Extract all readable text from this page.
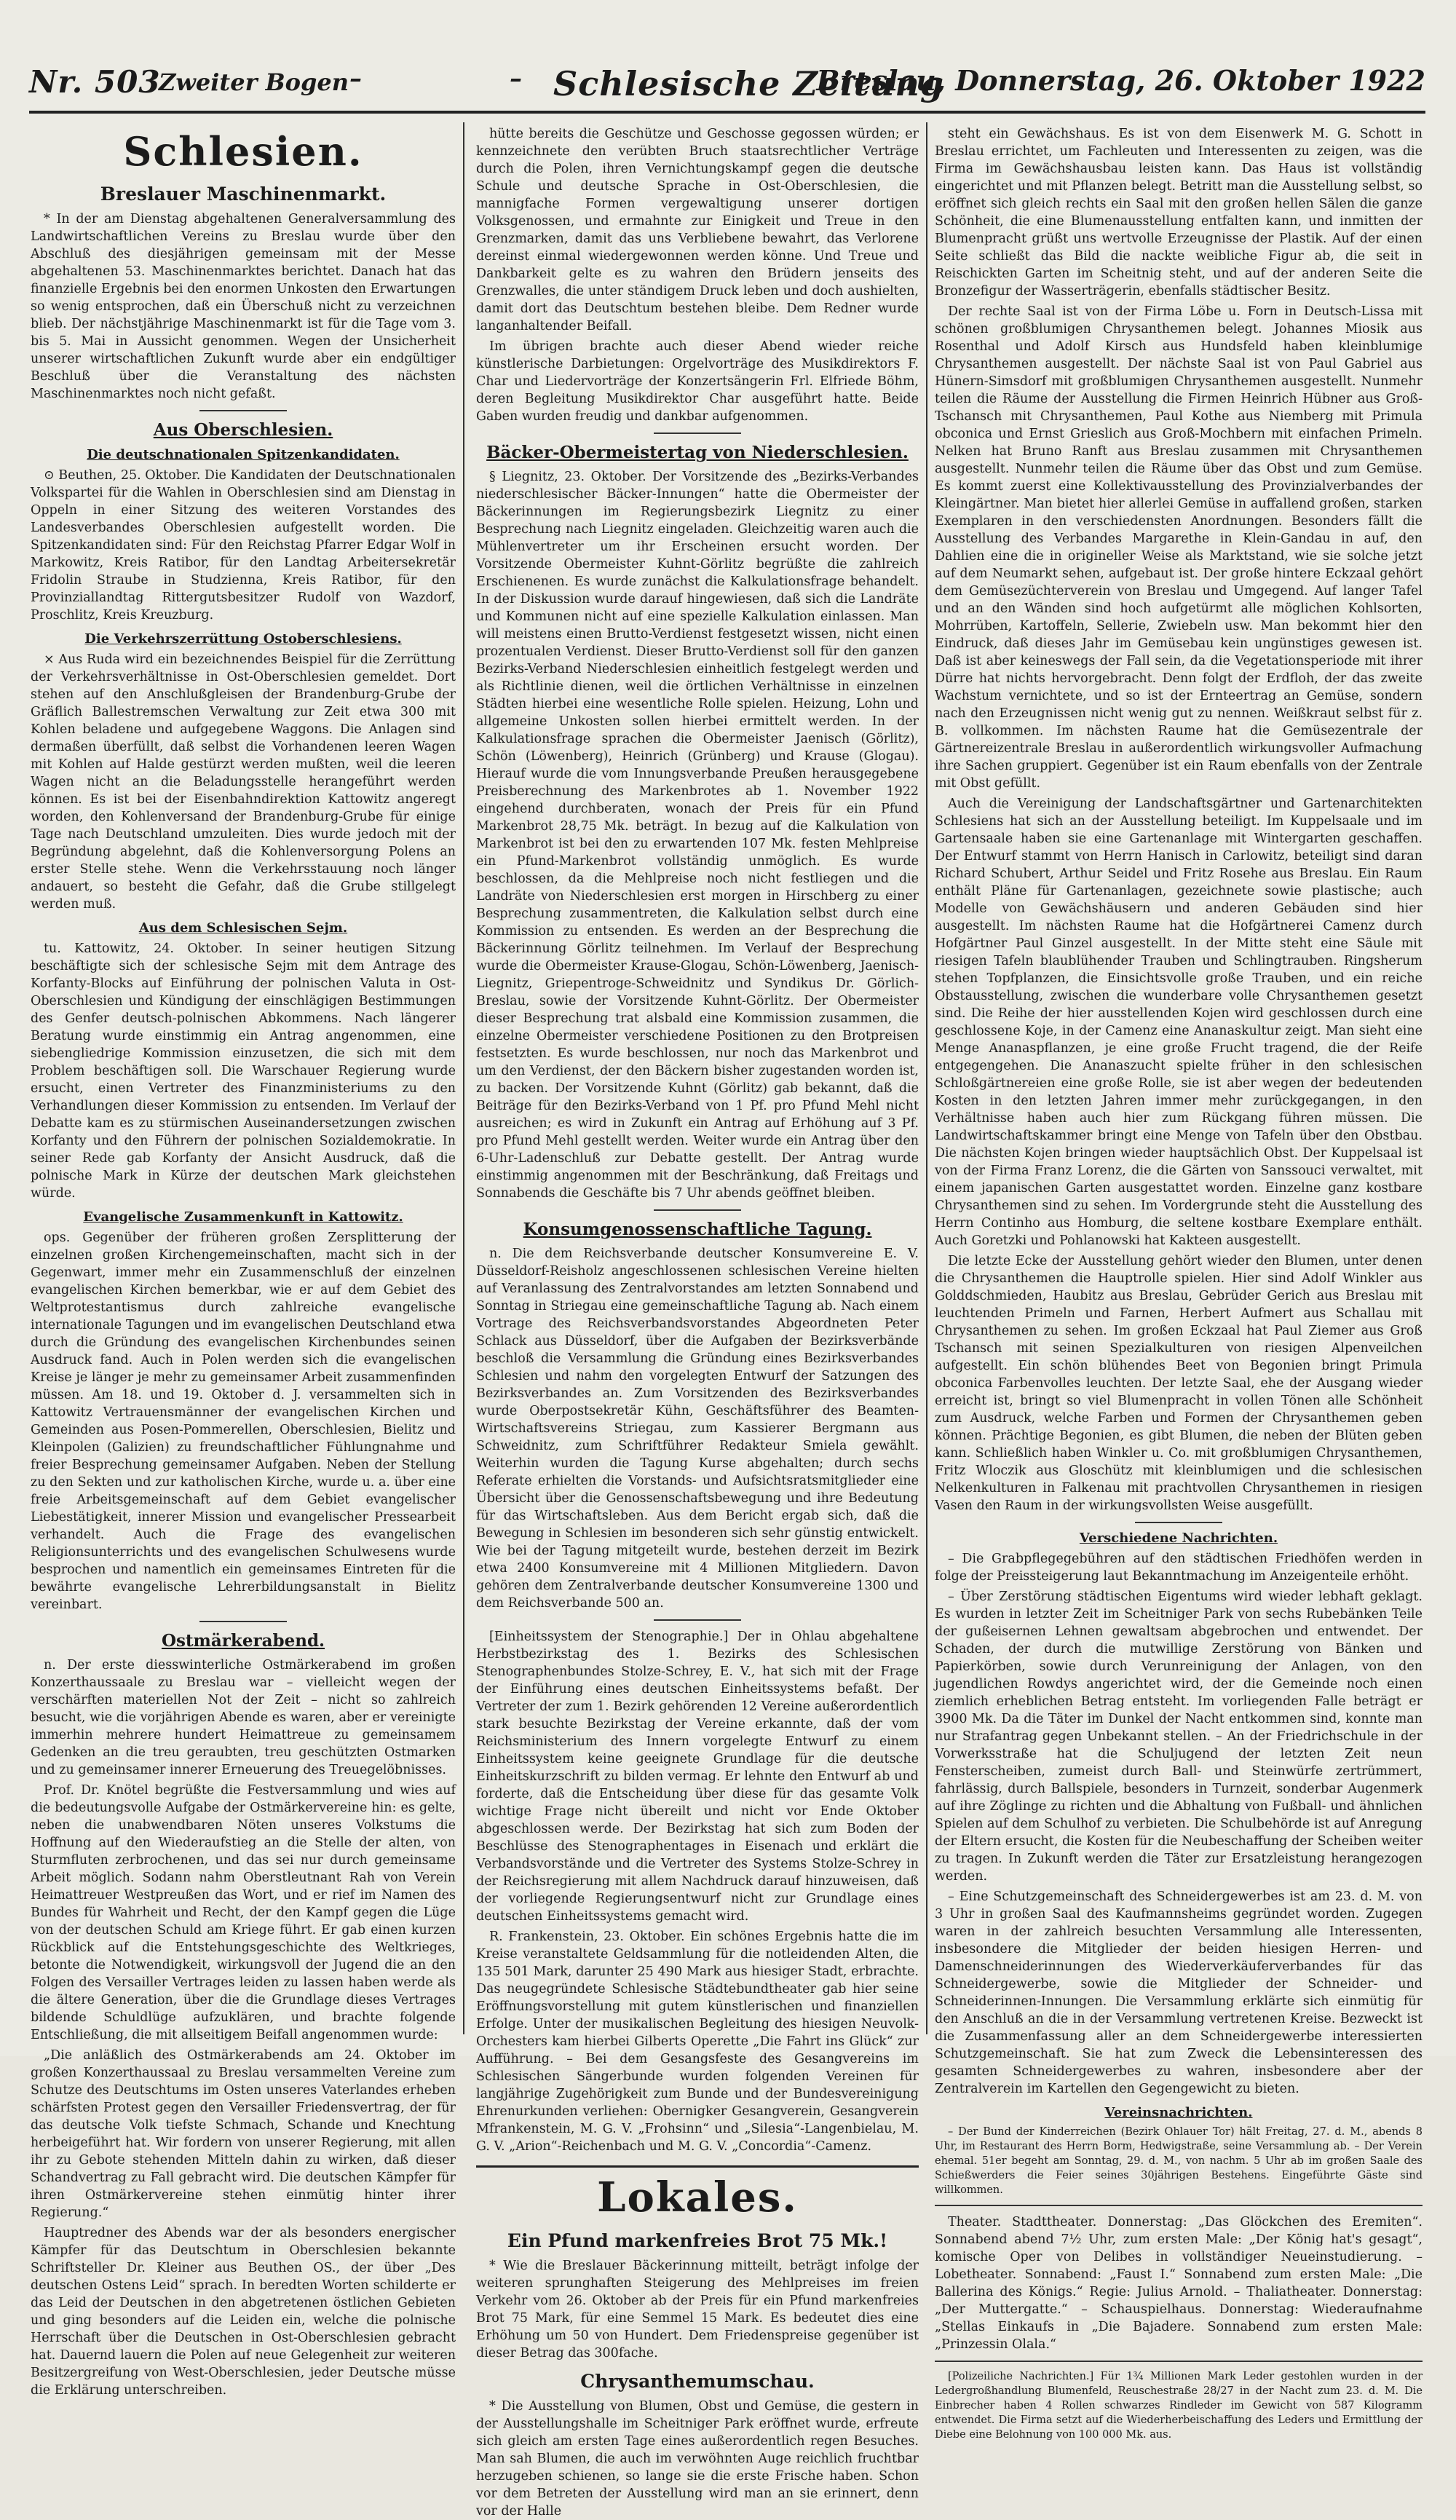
Nr. 503
Zweiter Bogen –	– Schlesische Zeitung
Breslau, Donnerstag, 26. Oktober 1922
Schlesien.
Breslauer Maschinenmarkt.

* In der am Dienstag abgehaltenen Generalversammlung des Landwirtschaftlichen Vereins zu Breslau wurde über den Abschluß des diesjährigen gemeinsam mit der Messe abgehaltenen 53. Maschinenmarktes berichtet. Danach hat das finanzielle Ergebnis bei den enormen Unkosten den Erwartungen so wenig entsprochen, daß ein Überschuß nicht zu verzeichnen blieb. Der nächstjährige Maschinenmarkt ist für die Tage vom 3. bis 5. Mai in Aussicht genommen. Wegen der Unsicherheit unserer wirtschaftlichen Zukunft wurde aber ein endgültiger Beschluß über die Veranstaltung des nächsten Maschinenmarktes noch nicht gefaßt.

Aus Oberschlesien.
Die deutschnationalen Spitzenkandidaten.

⊙ Beuthen, 25. Oktober. Die Kandidaten der Deutschnationalen Volkspartei für die Wahlen in Oberschlesien sind am Dienstag in Oppeln in einer Sitzung des weiteren Vorstandes des Landesverbandes Oberschlesien aufgestellt worden. Die Spitzenkandidaten sind: Für den Reichstag Pfarrer Edgar Wolf in Markowitz, Kreis Ratibor, für den Landtag Arbeitersekretär Fridolin Straube in Studzienna, Kreis Ratibor, für den Provinziallandtag Rittergutsbesitzer Rudolf von Wazdorf, Proschlitz, Kreis Kreuzburg.

Die Verkehrszerrüttung Ostoberschlesiens.

× Aus Ruda wird ein bezeichnendes Beispiel für die Zerrüttung der Verkehrsverhältnisse in Ost-Oberschlesien gemeldet. Dort stehen auf den Anschlußgleisen der Brandenburg-Grube der Gräflich Ballestremschen Verwaltung zur Zeit etwa 300 mit Kohlen beladene und aufgegebene Waggons. Die Anlagen sind dermaßen überfüllt, daß selbst die Vorhandenen leeren Wagen mit Kohlen auf Halde gestürzt werden mußten, weil die leeren Wagen nicht an die Beladungsstelle herangeführt werden können. Es ist bei der Eisenbahndirektion Kattowitz angeregt worden, den Kohlenversand der Brandenburg-Grube für einige Tage nach Deutschland umzuleiten. Dies wurde jedoch mit der Begründung abgelehnt, daß die Kohlenversorgung Polens an erster Stelle stehe. Wenn die Verkehrsstauung noch länger andauert, so besteht die Gefahr, daß die Grube stillgelegt werden muß.

Aus dem Schlesischen Sejm.

tu. Kattowitz, 24. Oktober. In seiner heutigen Sitzung beschäftigte sich der schlesische Sejm mit dem Antrage des Korfanty-Blocks auf Einführung der polnischen Valuta in Ost-Oberschlesien und Kündigung der einschlägigen Bestimmungen des Genfer deutsch-polnischen Abkommens. Nach längerer Beratung wurde einstimmig ein Antrag angenommen, eine siebengliedrige Kommission einzusetzen, die sich mit dem Problem beschäftigen soll. Die Warschauer Regierung wurde ersucht, einen Vertreter des Finanzministeriums zu den Verhandlungen dieser Kommission zu entsenden. Im Verlauf der Debatte kam es zu stürmischen Auseinandersetzungen zwischen Korfanty und den Führern der polnischen Sozialdemokratie. In seiner Rede gab Korfanty der Ansicht Ausdruck, daß die polnische Mark in Kürze der deutschen Mark gleichstehen würde.

Evangelische Zusammenkunft in Kattowitz.

ops. Gegenüber der früheren großen Zersplitterung der einzelnen großen Kirchengemeinschaften, macht sich in der Gegenwart, immer mehr ein Zusammenschluß der einzelnen evangelischen Kirchen bemerkbar, wie er auf dem Gebiet des Weltprotestantismus durch zahlreiche evangelische internationale Tagungen und im evangelischen Deutschland etwa durch die Gründung des evangelischen Kirchenbundes seinen Ausdruck fand. Auch in Polen werden sich die evangelischen Kreise je länger je mehr zu gemeinsamer Arbeit zusammenfinden müssen. Am 18. und 19. Oktober d. J. versammelten sich in Kattowitz Vertrauensmänner der evangelischen Kirchen und Gemeinden aus Posen-Pommerellen, Oberschlesien, Bielitz und Kleinpolen (Galizien) zu freundschaftlicher Fühlungnahme und freier Besprechung gemeinsamer Aufgaben. Neben der Stellung zu den Sekten und zur katholischen Kirche, wurde u. a. über eine freie Arbeitsgemeinschaft auf dem Gebiet evangelischer Liebestätigkeit, innerer Mission und evangelischer Pressearbeit verhandelt. Auch die Frage des evangelischen Religionsunterrichts und des evangelischen Schulwesens wurde besprochen und namentlich ein gemeinsames Eintreten für die bewährte evangelische Lehrerbildungsanstalt in Bielitz vereinbart.

Ostmärkerabend.

n. Der erste diesswinterliche Ostmärkerabend im großen Konzerthaussaale zu Breslau war – vielleicht wegen der verschärften materiellen Not der Zeit – nicht so zahlreich besucht, wie die vorjährigen Abende es waren, aber er vereinigte immerhin mehrere hundert Heimattreue zu gemeinsamem Gedenken an die treu geraubten, treu geschützten Ostmarken und zu gemeinsamer innerer Erneuerung des Treuegelöbnisses.

Prof. Dr. Knötel begrüßte die Festversammlung und wies auf die bedeutungsvolle Aufgabe der Ostmärkervereine hin: es gelte, neben die unabwendbaren Nöten unseres Volkstums die Hoffnung auf den Wiederaufstieg an die Stelle der alten, von Sturmfluten zerbrochenen, und das sei nur durch gemeinsame Arbeit möglich. Sodann nahm Oberstleutnant Rah von Verein Heimattreuer Westpreußen das Wort, und er rief im Namen des Bundes für Wahrheit und Recht, der den Kampf gegen die Lüge von der deutschen Schuld am Kriege führt. Er gab einen kurzen Rückblick auf die Entstehungsgeschichte des Weltkrieges, betonte die Notwendigkeit, wirkungsvoll der Jugend die an den Folgen des Versailler Vertrages leiden zu lassen haben werde als die ältere Generation, über die die Grundlage dieses Vertrages bildende Schuldlüge aufzuklären, und brachte folgende Entschließung, die mit allseitigem Beifall angenommen wurde:

„Die anläßlich des Ostmärkerabends am 24. Oktober im großen Konzerthaussaal zu Breslau versammelten Vereine zum Schutze des Deutschtums im Osten unseres Vaterlandes erheben schärfsten Protest gegen den Versailler Friedensvertrag, der für das deutsche Volk tiefste Schmach, Schande und Knechtung herbeigeführt hat. Wir fordern von unserer Regierung, mit allen ihr zu Gebote stehenden Mitteln dahin zu wirken, daß dieser Schandvertrag zu Fall gebracht wird. Die deutschen Kämpfer für ihren Ostmärkervereine stehen einmütig hinter ihrer Regierung.“

Hauptredner des Abends war der als besonders energischer Kämpfer für das Deutschtum in Oberschlesien bekannte Schriftsteller Dr. Kleiner aus Beuthen OS., der über „Des deutschen Ostens Leid“ sprach. In beredten Worten schilderte er das Leid der Deutschen in den abgetretenen östlichen Gebieten und ging besonders auf die Leiden ein, welche die polnische Herrschaft über die Deutschen in Ost-Oberschlesien gebracht hat. Dauernd lauern die Polen auf neue Gelegenheit zur weiteren Besitzergreifung von West-Oberschlesien, jeder Deutsche müsse die Erklärung unterschreiben.

hütte bereits die Geschütze und Geschosse gegossen würden; er kennzeichnete den verübten Bruch staatsrechtlicher Verträge durch die Polen, ihren Vernichtungskampf gegen die deutsche Schule und deutsche Sprache in Ost-Oberschlesien, die mannigfache Formen vergewaltigung unserer dortigen Volksgenossen, und ermahnte zur Einigkeit und Treue in den Grenzmarken, damit das uns Verbliebene bewahrt, das Verlorene dereinst einmal wiedergewonnen werden könne. Und Treue und Dankbarkeit gelte es zu wahren den Brüdern jenseits des Grenzwalles, die unter ständigem Druck leben und doch aushielten, damit dort das Deutschtum bestehen bleibe. Dem Redner wurde langanhaltender Beifall.

Im übrigen brachte auch dieser Abend wieder reiche künstlerische Darbietungen: Orgelvorträge des Musikdirektors F. Char und Liedervorträge der Konzertsängerin Frl. Elfriede Böhm, deren Begleitung Musikdirektor Char ausgeführt hatte. Beide Gaben wurden freudig und dankbar aufgenommen.

Bäcker-Obermeistertag von Niederschlesien.

§ Liegnitz, 23. Oktober. Der Vorsitzende des „Bezirks-Verbandes niederschlesischer Bäcker-Innungen“ hatte die Obermeister der Bäckerinnungen im Regierungsbezirk Liegnitz zu einer Besprechung nach Liegnitz eingeladen. Gleichzeitig waren auch die Mühlenvertreter um ihr Erscheinen ersucht worden. Der Vorsitzende Obermeister Kuhnt-Görlitz begrüßte die zahlreich Erschienenen. Es wurde zunächst die Kalkulationsfrage behandelt. In der Diskussion wurde darauf hingewiesen, daß sich die Landräte und Kommunen nicht auf eine spezielle Kalkulation einlassen. Man will meistens einen Brutto-Verdienst festgesetzt wissen, nicht einen prozentualen Verdienst. Dieser Brutto-Verdienst soll für den ganzen Bezirks-Verband Niederschlesien einheitlich festgelegt werden und als Richtlinie dienen, weil die örtlichen Verhältnisse in einzelnen Städten hierbei eine wesentliche Rolle spielen. Heizung, Lohn und allgemeine Unkosten sollen hierbei ermittelt werden. In der Kalkulationsfrage sprachen die Obermeister Jaenisch (Görlitz), Schön (Löwenberg), Heinrich (Grünberg) und Krause (Glogau). Hierauf wurde die vom Innungsverbande Preußen herausgegebene Preisberechnung des Markenbrotes ab 1. November 1922 eingehend durchberaten, wonach der Preis für ein Pfund Markenbrot 28,75 Mk. beträgt. In bezug auf die Kalkulation von Markenbrot ist bei den zu erwartenden 107 Mk. festen Mehlpreise ein Pfund-Markenbrot vollständig unmöglich. Es wurde beschlossen, da die Mehlpreise noch nicht festliegen und die Landräte von Niederschlesien erst morgen in Hirschberg zu einer Besprechung zusammentreten, die Kalkulation selbst durch eine Kommission zu entsenden. Es werden an der Besprechung die Bäckerinnung Görlitz teilnehmen. Im Verlauf der Besprechung wurde die Obermeister Krause-Glogau, Schön-Löwenberg, Jaenisch-Liegnitz, Griepentroge-Schweidnitz und Syndikus Dr. Görlich-Breslau, sowie der Vorsitzende Kuhnt-Görlitz. Der Obermeister dieser Besprechung trat alsbald eine Kommission zusammen, die einzelne Obermeister verschiedene Positionen zu den Brotpreisen festsetzten. Es wurde beschlossen, nur noch das Markenbrot und um den Verdienst, der den Bäckern bisher zugestanden worden ist, zu backen. Der Vorsitzende Kuhnt (Görlitz) gab bekannt, daß die Beiträge für den Bezirks-Verband von 1 Pf. pro Pfund Mehl nicht ausreichen; es wird in Zukunft ein Antrag auf Erhöhung auf 3 Pf. pro Pfund Mehl gestellt werden. Weiter wurde ein Antrag über den 6-Uhr-Ladenschluß zur Debatte gestellt. Der Antrag wurde einstimmig angenommen mit der Beschränkung, daß Freitags und Sonnabends die Geschäfte bis 7 Uhr abends geöffnet bleiben.

Konsumgenossenschaftliche Tagung.

n. Die dem Reichsverbande deutscher Konsumvereine E. V. Düsseldorf-Reisholz angeschlossenen schlesischen Vereine hielten auf Veranlassung des Zentralvorstandes am letzten Sonnabend und Sonntag in Striegau eine gemeinschaftliche Tagung ab. Nach einem Vortrage des Reichsverbandsvorstandes Abgeordneten Peter Schlack aus Düsseldorf, über die Aufgaben der Bezirksverbände beschloß die Versammlung die Gründung eines Bezirksverbandes Schlesien und nahm den vorgelegten Entwurf der Satzungen des Bezirksverbandes an. Zum Vorsitzenden des Bezirksverbandes wurde Oberpostsekretär Kühn, Geschäftsführer des Beamten-Wirtschaftsvereins Striegau, zum Kassierer Bergmann aus Schweidnitz, zum Schriftführer Redakteur Smiela gewählt. Weiterhin wurden die Tagung Kurse abgehalten; durch sechs Referate erhielten die Vorstands- und Aufsichtsratsmitglieder eine Übersicht über die Genossenschaftsbewegung und ihre Bedeutung für das Wirtschaftsleben. Aus dem Bericht ergab sich, daß die Bewegung in Schlesien im besonderen sich sehr günstig entwickelt. Wie bei der Tagung mitgeteilt wurde, bestehen derzeit im Bezirk etwa 2400 Konsumvereine mit 4 Millionen Mitgliedern. Davon gehören dem Zentralverbande deutscher Konsumvereine 1300 und dem Reichsverbande 500 an.

[Einheitssystem der Stenographie.] Der in Ohlau abgehaltene Herbstbezirkstag des 1. Bezirks des Schlesischen Stenographenbundes Stolze-Schrey, E. V., hat sich mit der Frage der Einführung eines deutschen Einheitssystems befaßt. Der Vertreter der zum 1. Bezirk gehörenden 12 Vereine außerordentlich stark besuchte Bezirkstag der Vereine erkannte, daß der vom Reichsministerium des Innern vorgelegte Entwurf zu einem Einheitssystem keine geeignete Grundlage für die deutsche Einheitskurzschrift zu bilden vermag. Er lehnte den Entwurf ab und forderte, daß die Entscheidung über diese für das gesamte Volk wichtige Frage nicht übereilt und nicht vor Ende Oktober abgeschlossen werde. Der Bezirkstag hat sich zum Boden der Beschlüsse des Stenographentages in Eisenach und erklärt die Verbandsvorstände und die Vertreter des Systems Stolze-Schrey in der Reichsregierung mit allem Nachdruck darauf hinzuweisen, daß der vorliegende Regierungsentwurf nicht zur Grundlage eines deutschen Einheitssystems gemacht wird.

R. Frankenstein, 23. Oktober. Ein schönes Ergebnis hatte die im Kreise veranstaltete Geldsammlung für die notleidenden Alten, die 135 501 Mark, darunter 25 490 Mark aus hiesiger Stadt, erbrachte. Das neugegründete Schlesische Städtebundtheater gab hier seine Eröffnungsvorstellung mit gutem künstlerischen und finanziellen Erfolge. Unter der musikalischen Begleitung des hiesigen Neuvolk-Orchesters kam hierbei Gilberts Operette „Die Fahrt ins Glück“ zur Aufführung. – Bei dem Gesangsfeste des Gesangvereins im Schlesischen Sängerbunde wurden folgenden Vereinen für langjährige Zugehörigkeit zum Bunde und der Bundesvereinigung Ehrenurkunden verliehen: Obernigker Gesangverein, Gesangverein Mfrankenstein, M. G. V. „Frohsinn“ und „Silesia“-Langenbielau, M. G. V. „Arion“-Reichenbach und M. G. V. „Concordia“-Camenz.

Lokales.
Ein Pfund markenfreies Brot 75 Mk.!

* Wie die Breslauer Bäckerinnung mitteilt, beträgt infolge der weiteren sprunghaften Steigerung des Mehlpreises im freien Verkehr vom 26. Oktober ab der Preis für ein Pfund markenfreies Brot 75 Mark, für eine Semmel 15 Mark. Es bedeutet dies eine Erhöhung um 50 von Hundert. Dem Friedenspreise gegenüber ist dieser Betrag das 300fache.

Chrysanthemumschau.

* Die Ausstellung von Blumen, Obst und Gemüse, die gestern in der Ausstellungshalle im Scheitniger Park eröffnet wurde, erfreute sich gleich am ersten Tage eines außerordentlich regen Besuches. Man sah Blumen, die auch im verwöhnten Auge reichlich fruchtbar herzugeben schienen, so lange sie die erste Frische haben. Schon vor dem Betreten der Ausstellung wird man an sie erinnert, denn vor der Halle

steht ein Gewächshaus. Es ist von dem Eisenwerk M. G. Schott in Breslau errichtet, um Fachleuten und Interessenten zu zeigen, was die Firma im Gewächshausbau leisten kann. Das Haus ist vollständig eingerichtet und mit Pflanzen belegt. Betritt man die Ausstellung selbst, so eröffnet sich gleich rechts ein Saal mit den großen hellen Sälen die ganze Schönheit, die eine Blumenausstellung entfalten kann, und inmitten der Blumenpracht grüßt uns wertvolle Erzeugnisse der Plastik. Auf der einen Seite schließt das Bild die nackte weibliche Figur ab, die seit in Reischickten Garten im Scheitnig steht, und auf der anderen Seite die Bronzefigur der Wasserträgerin, ebenfalls städtischer Besitz.

Der rechte Saal ist von der Firma Löbe u. Forn in Deutsch-Lissa mit schönen großblumigen Chrysanthemen belegt. Johannes Miosik aus Rosenthal und Adolf Kirsch aus Hundsfeld haben kleinblumige Chrysanthemen ausgestellt. Der nächste Saal ist von Paul Gabriel aus Hünern-Simsdorf mit großblumigen Chrysanthemen ausgestellt. Nunmehr teilen die Räume der Ausstellung die Firmen Heinrich Hübner aus Groß-Tschansch mit Chrysanthemen, Paul Kothe aus Niemberg mit Primula obconica und Ernst Grieslich aus Groß-Mochbern mit einfachen Primeln. Nelken hat Bruno Ranft aus Breslau zusammen mit Chrysanthemen ausgestellt. Nunmehr teilen die Räume über das Obst und zum Gemüse. Es kommt zuerst eine Kollektivausstellung des Provinzialverbandes der Kleingärtner. Man bietet hier allerlei Gemüse in auffallend großen, starken Exemplaren in den verschiedensten Anordnungen. Besonders fällt die Ausstellung des Verbandes Margarethe in Klein-Gandau in auf, den Dahlien eine die in origineller Weise als Marktstand, wie sie solche jetzt auf dem Neumarkt sehen, aufgebaut ist. Der große hintere Eckzaal gehört dem Gemüsezüchterverein von Breslau und Umgegend. Auf langer Tafel und an den Wänden sind hoch aufgetürmt alle möglichen Kohlsorten, Mohrrüben, Kartoffeln, Sellerie, Zwiebeln usw. Man bekommt hier den Eindruck, daß dieses Jahr im Gemüsebau kein ungünstiges gewesen ist. Daß ist aber keineswegs der Fall sein, da die Vegetationsperiode mit ihrer Dürre hat nichts hervorgebracht. Denn folgt der Erdfloh, der das zweite Wachstum vernichtete, und so ist der Ernteertrag an Gemüse, sondern nach den Erzeugnissen nicht wenig gut zu nennen. Weißkraut selbst für z. B. vollkommen. Im nächsten Raume hat die Gemüsezentrale der Gärtnereizentrale Breslau in außerordentlich wirkungsvoller Aufmachung ihre Sachen gruppiert. Gegenüber ist ein Raum ebenfalls von der Zentrale mit Obst gefüllt.

Auch die Vereinigung der Landschaftsgärtner und Gartenarchitekten Schlesiens hat sich an der Ausstellung beteiligt. Im Kuppelsaale und im Gartensaale haben sie eine Gartenanlage mit Wintergarten geschaffen. Der Entwurf stammt von Herrn Hanisch in Carlowitz, beteiligt sind daran Richard Schubert, Arthur Seidel und Fritz Rosehe aus Breslau. Ein Raum enthält Pläne für Gartenanlagen, gezeichnete sowie plastische; auch Modelle von Gewächshäusern und anderen Gebäuden sind hier ausgestellt. Im nächsten Raume hat die Hofgärtnerei Camenz durch Hofgärtner Paul Ginzel ausgestellt. In der Mitte steht eine Säule mit riesigen Tafeln blaublühender Trauben und Schlingtrauben. Ringsherum stehen Topfplanzen, die Einsichtsvolle große Trauben, und ein reiche Obstausstellung, zwischen die wunderbare volle Chrysanthemen gesetzt sind. Die Reihe der hier ausstellenden Kojen wird geschlossen durch eine geschlossene Koje, in der Camenz eine Ananaskultur zeigt. Man sieht eine Menge Ananaspflanzen, je eine große Frucht tragend, die der Reife entgegengehen. Die Ananaszucht spielte früher in den schlesischen Schloßgärtnereien eine große Rolle, sie ist aber wegen der bedeutenden Kosten in den letzten Jahren immer mehr zurückgegangen, in den Verhältnisse haben auch hier zum Rückgang führen müssen. Die Landwirtschaftskammer bringt eine Menge von Tafeln über den Obstbau. Die nächsten Kojen bringen wieder hauptsächlich Obst. Der Kuppelsaal ist von der Firma Franz Lorenz, die die Gärten von Sanssouci verwaltet, mit einem japanischen Garten ausgestattet worden. Einzelne ganz kostbare Chrysanthemen sind zu sehen. Im Vordergrunde steht die Ausstellung des Herrn Continho aus Homburg, die seltene kostbare Exemplare enthält. Auch Goretzki und Pohlanowski hat Kakteen ausgestellt.

Die letzte Ecke der Ausstellung gehört wieder den Blumen, unter denen die Chrysanthemen die Hauptrolle spielen. Hier sind Adolf Winkler aus Golddschmieden, Haubitz aus Breslau, Gebrüder Gerich aus Breslau mit leuchtenden Primeln und Farnen, Herbert Aufmert aus Schallau mit Chrysanthemen zu sehen. Im großen Eckzaal hat Paul Ziemer aus Groß Tschansch mit seinen Spezialkulturen von riesigen Alpenveilchen aufgestellt. Ein schön blühendes Beet von Begonien bringt Primula obconica Farbenvolles leuchten. Der letzte Saal, ehe der Ausgang wieder erreicht ist, bringt so viel Blumenpracht in vollen Tönen alle Schönheit zum Ausdruck, welche Farben und Formen der Chrysanthemen geben können. Prächtige Begonien, es gibt Blumen, die neben der Blüten geben kann. Schließlich haben Winkler u. Co. mit großblumigen Chrysanthemen, Fritz Wloczik aus Gloschütz mit kleinblumigen und die schlesischen Nelkenkulturen in Falkenau mit prachtvollen Chrysanthemen in riesigen Vasen den Raum in der wirkungsvollsten Weise ausgefüllt.

Verschiedene Nachrichten.

– Die Grabpflegegebühren auf den städtischen Friedhöfen werden in folge der Preissteigerung laut Bekanntmachung im Anzeigenteile erhöht.

– Über Zerstörung städtischen Eigentums wird wieder lebhaft geklagt. Es wurden in letzter Zeit im Scheitniger Park von sechs Rubebänken Teile der gußeisernen Lehnen gewaltsam abgebrochen und entwendet. Der Schaden, der durch die mutwillige Zerstörung von Bänken und Papierkörben, sowie durch Verunreinigung der Anlagen, von den jugendlichen Rowdys angerichtet wird, der die Gemeinde noch einen ziemlich erheblichen Betrag entsteht. Im vorliegenden Falle beträgt er 3900 Mk. Da die Täter im Dunkel der Nacht entkommen sind, konnte man nur Strafantrag gegen Unbekannt stellen. – An der Friedrichschule in der Vorwerksstraße hat die Schuljugend der letzten Zeit neun Fensterscheiben, zumeist durch Ball- und Steinwürfe zertrümmert, fahrlässig, durch Ballspiele, besonders in Turnzeit, sonderbar Augenmerk auf ihre Zöglinge zu richten und die Abhaltung von Fußball- und ähnlichen Spielen auf dem Schulhof zu verbieten. Die Schulbehörde ist auf Anregung der Eltern ersucht, die Kosten für die Neubeschaffung der Scheiben weiter zu tragen. In Zukunft werden die Täter zur Ersatzleistung herangezogen werden.

– Eine Schutzgemeinschaft des Schneidergewerbes ist am 23. d. M. von 3 Uhr in großen Saal des Kaufmannsheims gegründet worden. Zugegen waren in der zahlreich besuchten Versammlung alle Interessenten, insbesondere die Mitglieder der beiden hiesigen Herren- und Damenschneiderinnungen des Wiederverkäuferverbandes für das Schneidergewerbe, sowie die Mitglieder der Schneider- und Schneiderinnen-Innungen. Die Versammlung erklärte sich einmütig für den Anschluß an die in der Versammlung vertretenen Kreise. Bezweckt ist die Zusammenfassung aller an dem Schneidergewerbe interessierten Schutzgemeinschaft. Sie hat zum Zweck die Lebensinteressen des gesamten Schneidergewerbes zu wahren, insbesondere aber der Zentralverein im Kartellen den Gegengewicht zu bieten.

Vereinsnachrichten.

– Der Bund der Kinderreichen (Bezirk Ohlauer Tor) hält Freitag, 27. d. M., abends 8 Uhr, im Restaurant des Herrn Borm, Hedwigstraße, seine Versammlung ab. – Der Verein ehemal. 51er begeht am Sonntag, 29. d. M., von nachm. 5 Uhr ab im großen Saale des Schießwerders die Feier seines 30jährigen Bestehens. Eingeführte Gäste sind willkommen.

Theater. Stadttheater. Donnerstag: „Das Glöckchen des Eremiten“. Sonnabend abend 7½ Uhr, zum ersten Male: „Der König hat's gesagt“, komische Oper von Delibes in vollständiger Neueinstudierung. – Lobetheater. Sonnabend: „Faust I.“ Sonnabend zum ersten Male: „Die Ballerina des Königs.“ Regie: Julius Arnold. – Thaliatheater. Donnerstag: „Der Muttergatte.“ – Schauspielhaus. Donnerstag: Wiederaufnahme „Stellas Einkaufs in „Die Bajadere. Sonnabend zum ersten Male: „Prinzessin Olala.“

[Polizeiliche Nachrichten.] Für 1¾ Millionen Mark Leder gestohlen wurden in der Ledergroßhandlung Blumenfeld, Reuschestraße 28/27 in der Nacht zum 23. d. M. Die Einbrecher haben 4 Rollen schwarzes Rindleder im Gewicht von 587 Kilogramm entwendet. Die Firma setzt auf die Wiederherbeischaffung des Leders und Ermittlung der Diebe eine Belohnung von 100 000 Mk. aus.
